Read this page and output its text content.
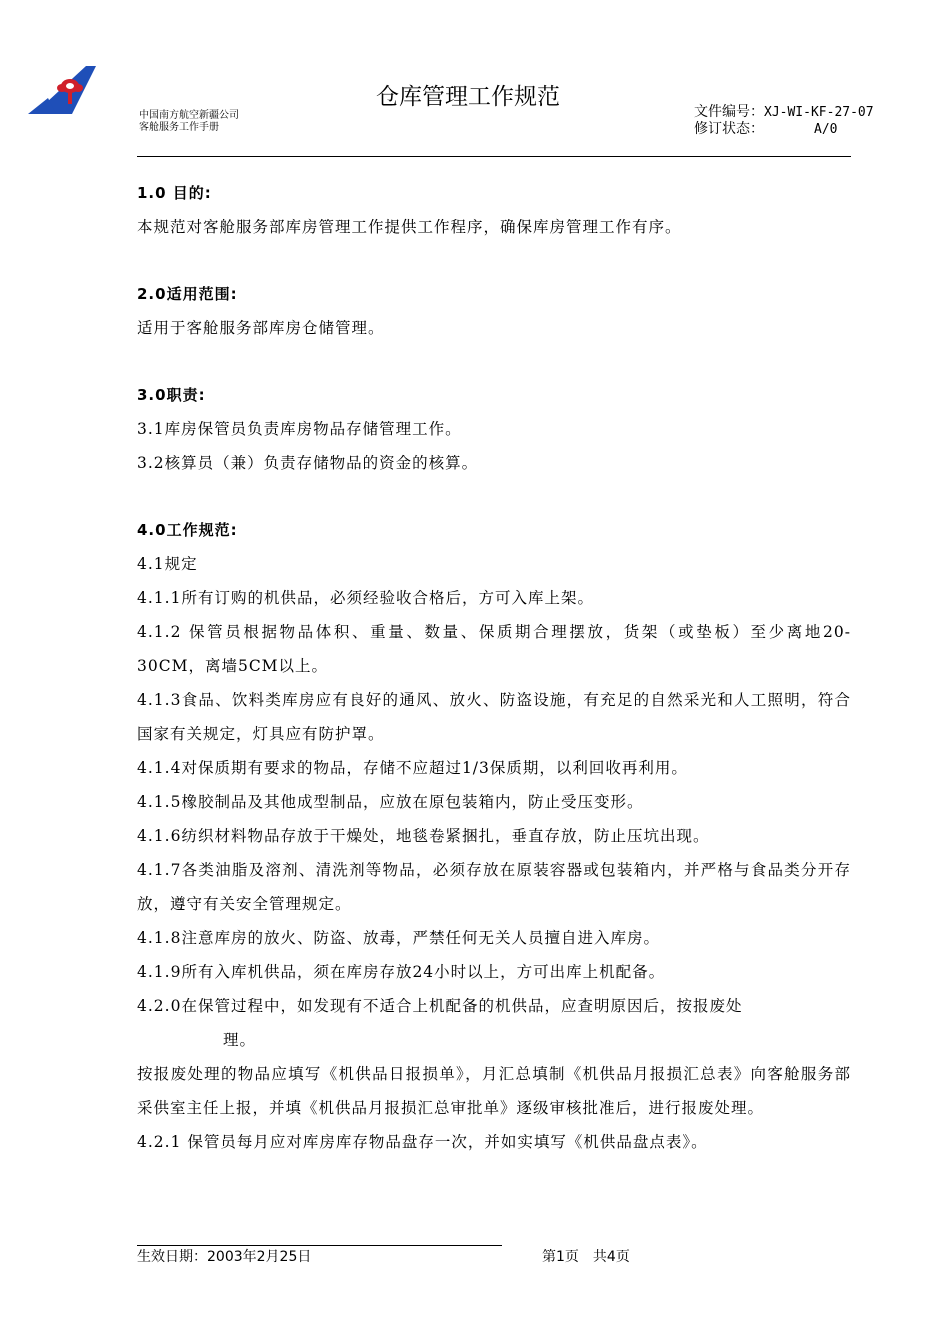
中国南方航空新疆公司
客舱服务工作手册
仓库管理工作规范
文件编号：XJ-WI-KF-27-07
修订状态：	A/0
1.0 目的:
本规范对客舱服务部库房管理工作提供工作程序，确保库房管理工作有序。
2.0适用范围:
适用于客舱服务部库房仓储管理。
3.0职责:
3.1库房保管员负责库房物品存储管理工作。
3.2核算员（兼）负责存储物品的资金的核算。
4.0工作规范:
4.1规定
4.1.1所有订购的机供品，必须经验收合格后，方可入库上架。
4.1.2 保管员根据物品体积、重量、数量、保质期合理摆放，货架（或垫板）至少离地20-30CM，离墙5CM以上。
4.1.3食品、饮料类库房应有良好的通风、放火、防盗设施，有充足的自然采光和人工照明，符合国家有关规定，灯具应有防护罩。
4.1.4对保质期有要求的物品，存储不应超过1/3保质期，以利回收再利用。
4.1.5橡胶制品及其他成型制品，应放在原包装箱内，防止受压变形。
4.1.6纺织材料物品存放于干燥处，地毯卷紧捆扎，垂直存放，防止压坑出现。
4.1.7各类油脂及溶剂、清洗剂等物品，必须存放在原装容器或包装箱内，并严格与食品类分开存放，遵守有关安全管理规定。
4.1.8注意库房的放火、防盗、放毒，严禁任何无关人员擅自进入库房。
4.1.9所有入库机供品，须在库房存放24小时以上，方可出库上机配备。
4.2.0在保管过程中，如发现有不适合上机配备的机供品，应查明原因后，按报废处
理。
按报废处理的物品应填写《机供品日报损单》，月汇总填制《机供品月报损汇总表》向客舱服务部采供室主任上报，并填《机供品月报损汇总审批单》逐级审核批准后，进行报废处理。
4.2.1 保管员每月应对库房库存物品盘存一次，并如实填写《机供品盘点表》。
生效日期：2003年2月25日	第1页　共4页
